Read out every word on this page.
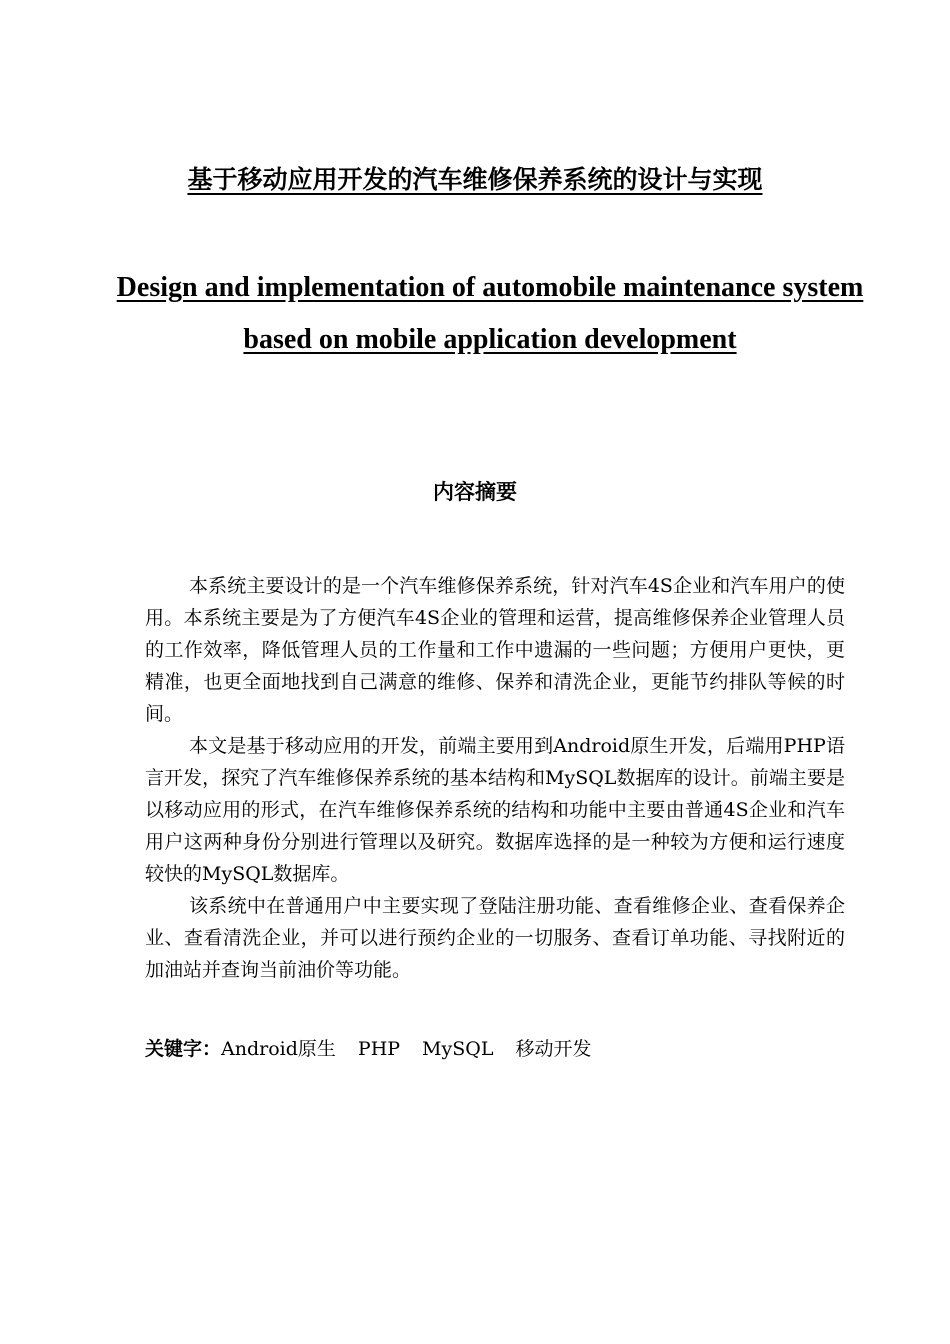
基于移动应用开发的汽车维修保养系统的设计与实现
Design and implementation of automobile maintenance system based on mobile application development
内容摘要

本系统主要设计的是一个汽车维修保养系统，针对汽车4S企业和汽车用户的使用。本系统主要是为了方便汽车4S企业的管理和运营，提高维修保养企业管理人员的工作效率，降低管理人员的工作量和工作中遗漏的一些问题；方便用户更快，更精准，也更全面地找到自己满意的维修、保养和清洗企业，更能节约排队等候的时间。

本文是基于移动应用的开发，前端主要用到Android原生开发，后端用PHP语言开发，探究了汽车维修保养系统的基本结构和MySQL数据库的设计。前端主要是以移动应用的形式，在汽车维修保养系统的结构和功能中主要由普通4S企业和汽车用户这两种身份分别进行管理以及研究。数据库选择的是一种较为方便和运行速度较快的MySQL数据库。

该系统中在普通用户中主要实现了登陆注册功能、查看维修企业、查看保养企业、查看清洗企业，并可以进行预约企业的一切服务、查看订单功能、寻找附近的加油站并查询当前油价等功能。

关键字：Android原生 PHP MySQL 移动开发
